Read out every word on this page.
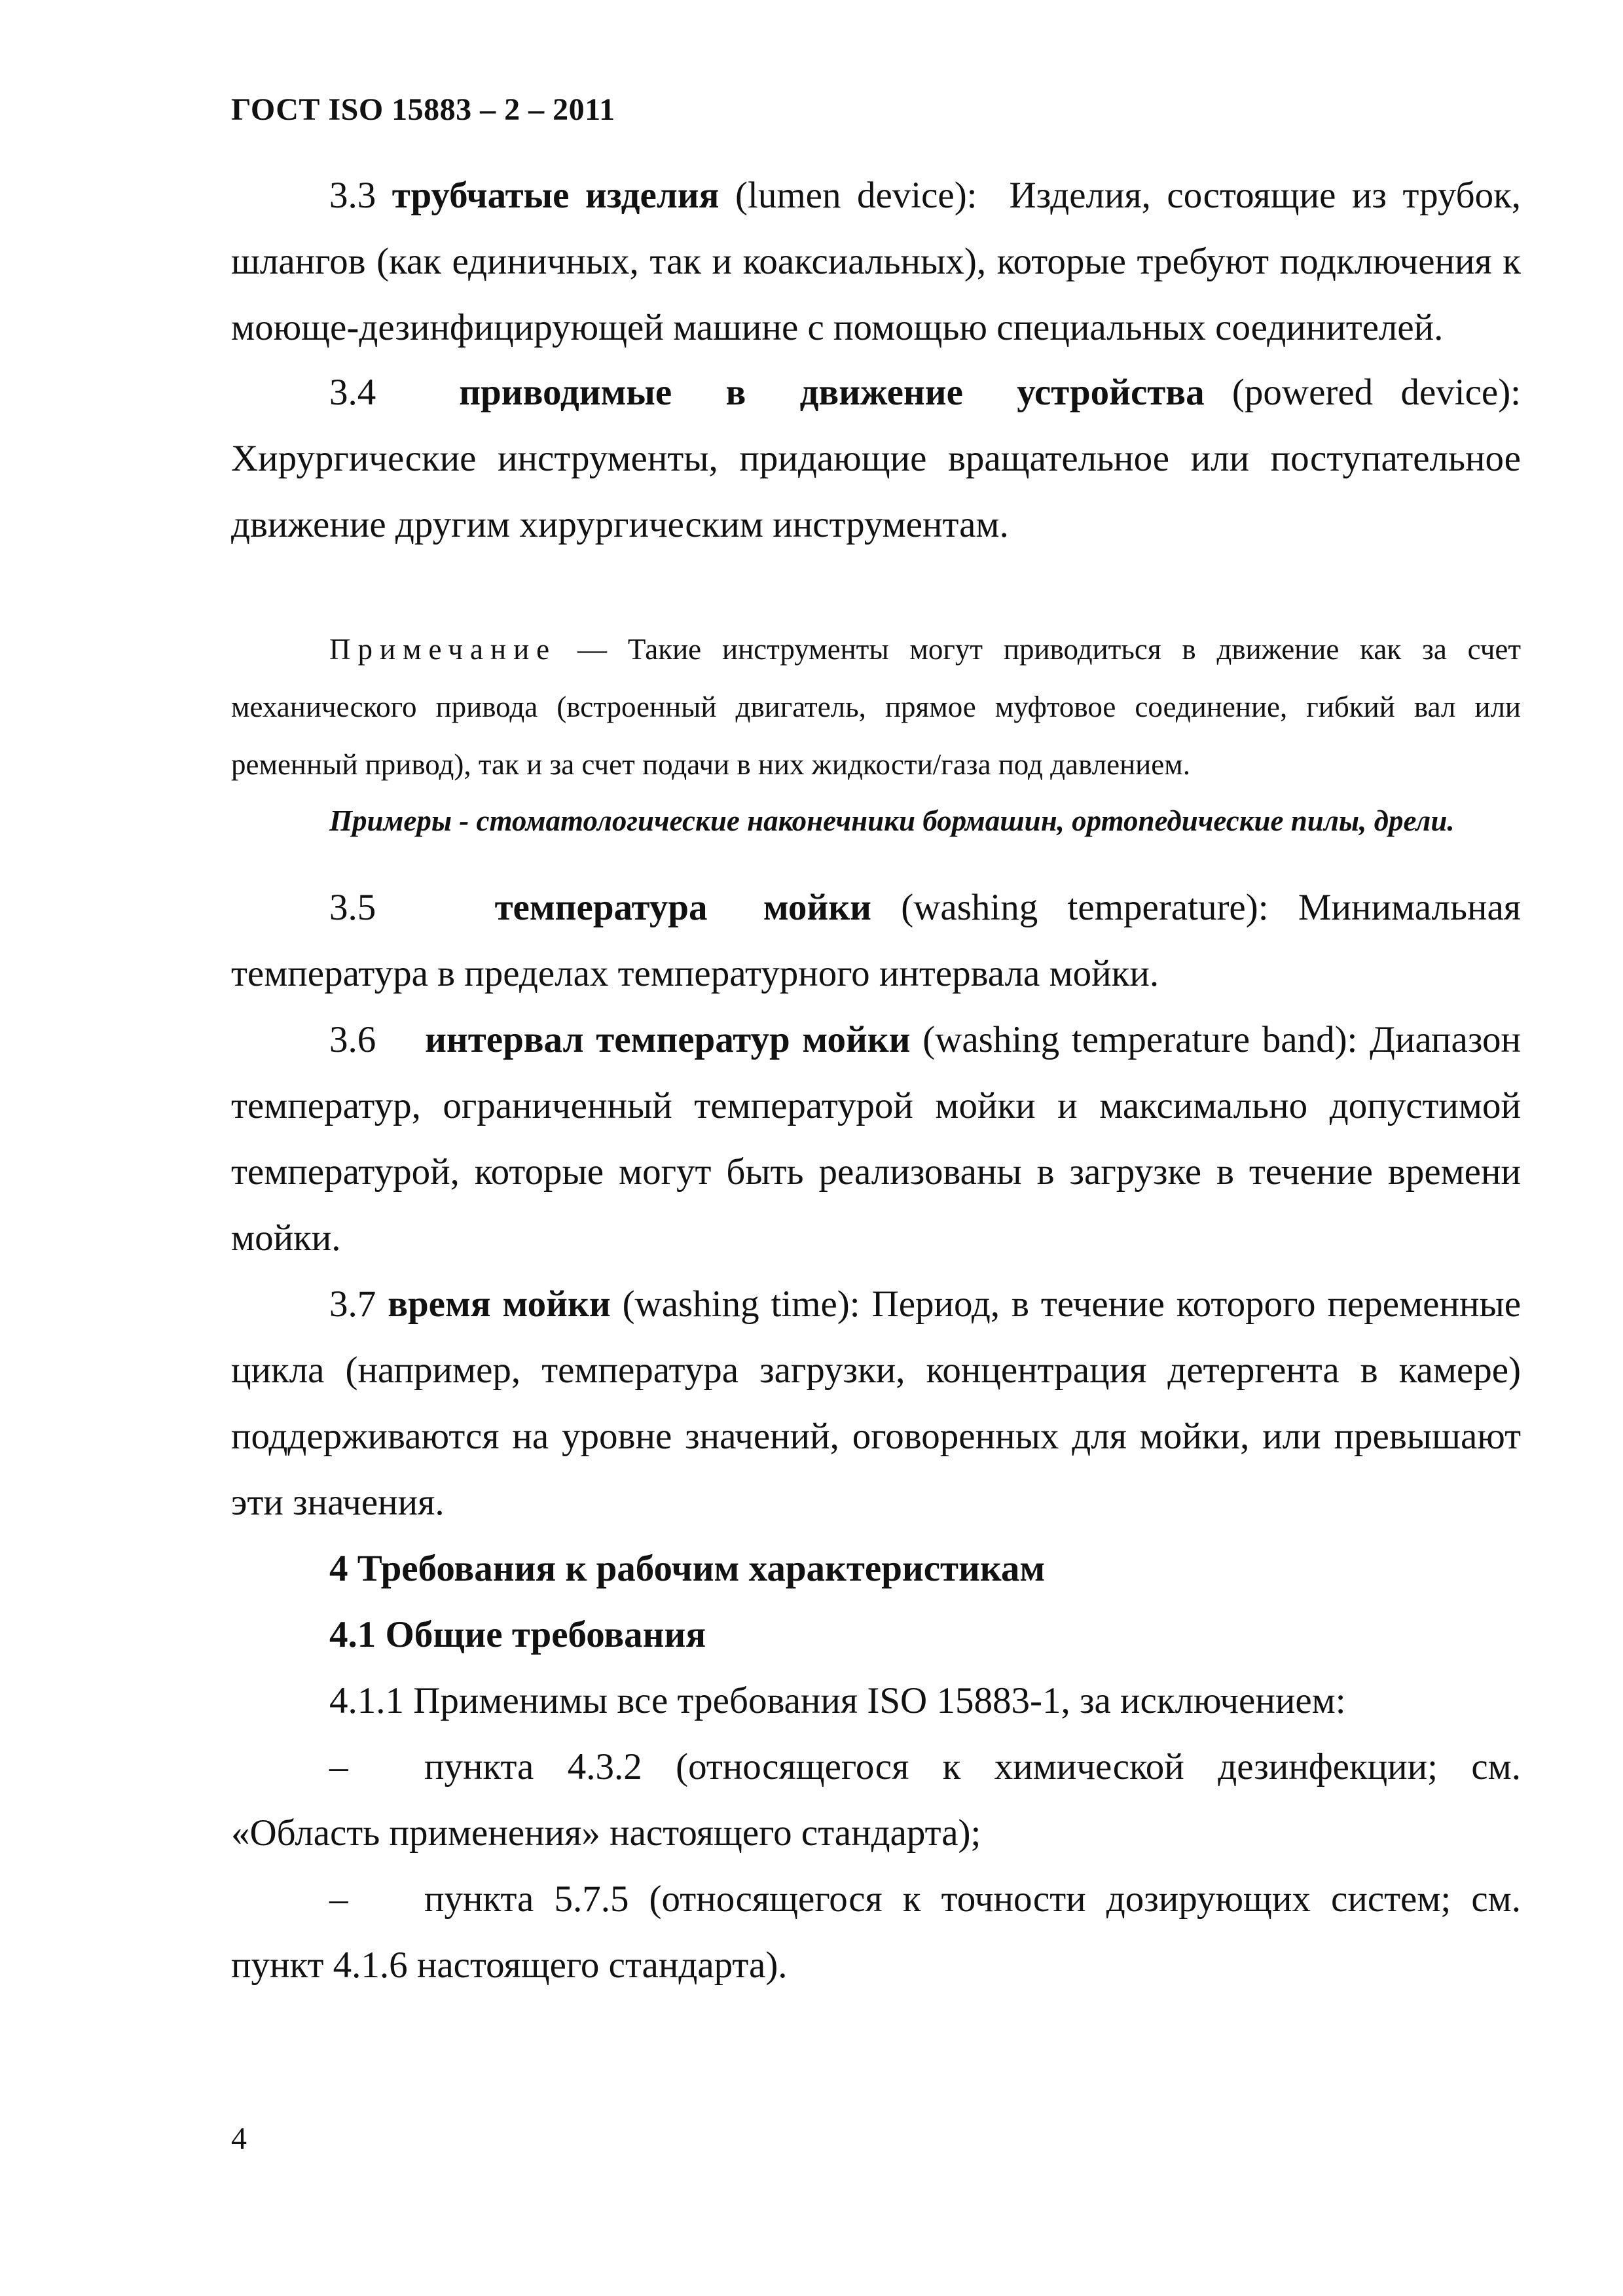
ГОСТ ISO 15883 – 2 – 2011

3.3 трубчатые изделия (lumen device): Изделия, состоящие из трубок, шлангов (как единичных, так и коаксиальных), которые требуют подключения к моюще-дезинфицирующей машине с помощью специальных соединителей.

3.4 приводимые в движение устройства (powered device): Хирургические инструменты, придающие вращательное или поступательное движение другим хирургическим инструментам.

Примечание — Такие инструменты могут приводиться в движение как за счет механического привода (встроенный двигатель, прямое муфтовое соединение, гибкий вал или ременный привод), так и за счет подачи в них жидкости/газа под давлением.

Примеры - стоматологические наконечники бормашин, ортопедические пилы, дрели.

3.5	температура мойки (washing temperature): Минимальная температура в пределах температурного интервала мойки.

3.6 интервал температур мойки (washing temperature band): Диапазон температур, ограниченный температурой мойки и максимально допустимой температурой, которые могут быть реализованы в загрузке в течение времени мойки.

3.7 время мойки (washing time): Период, в течение которого переменные цикла (например, температура загрузки, концентрация детергента в камере) поддерживаются на уровне значений, оговоренных для мойки, или превышают эти значения.

4 Требования к рабочим характеристикам

4.1 Общие требования

4.1.1 Применимы все требования ISO 15883-1, за исключением:

– пункта 4.3.2 (относящегося к химической дезинфекции; см. «Область применения» настоящего стандарта);

– пункта 5.7.5 (относящегося к точности дозирующих систем; см. пункт 4.1.6 настоящего стандарта).

4
